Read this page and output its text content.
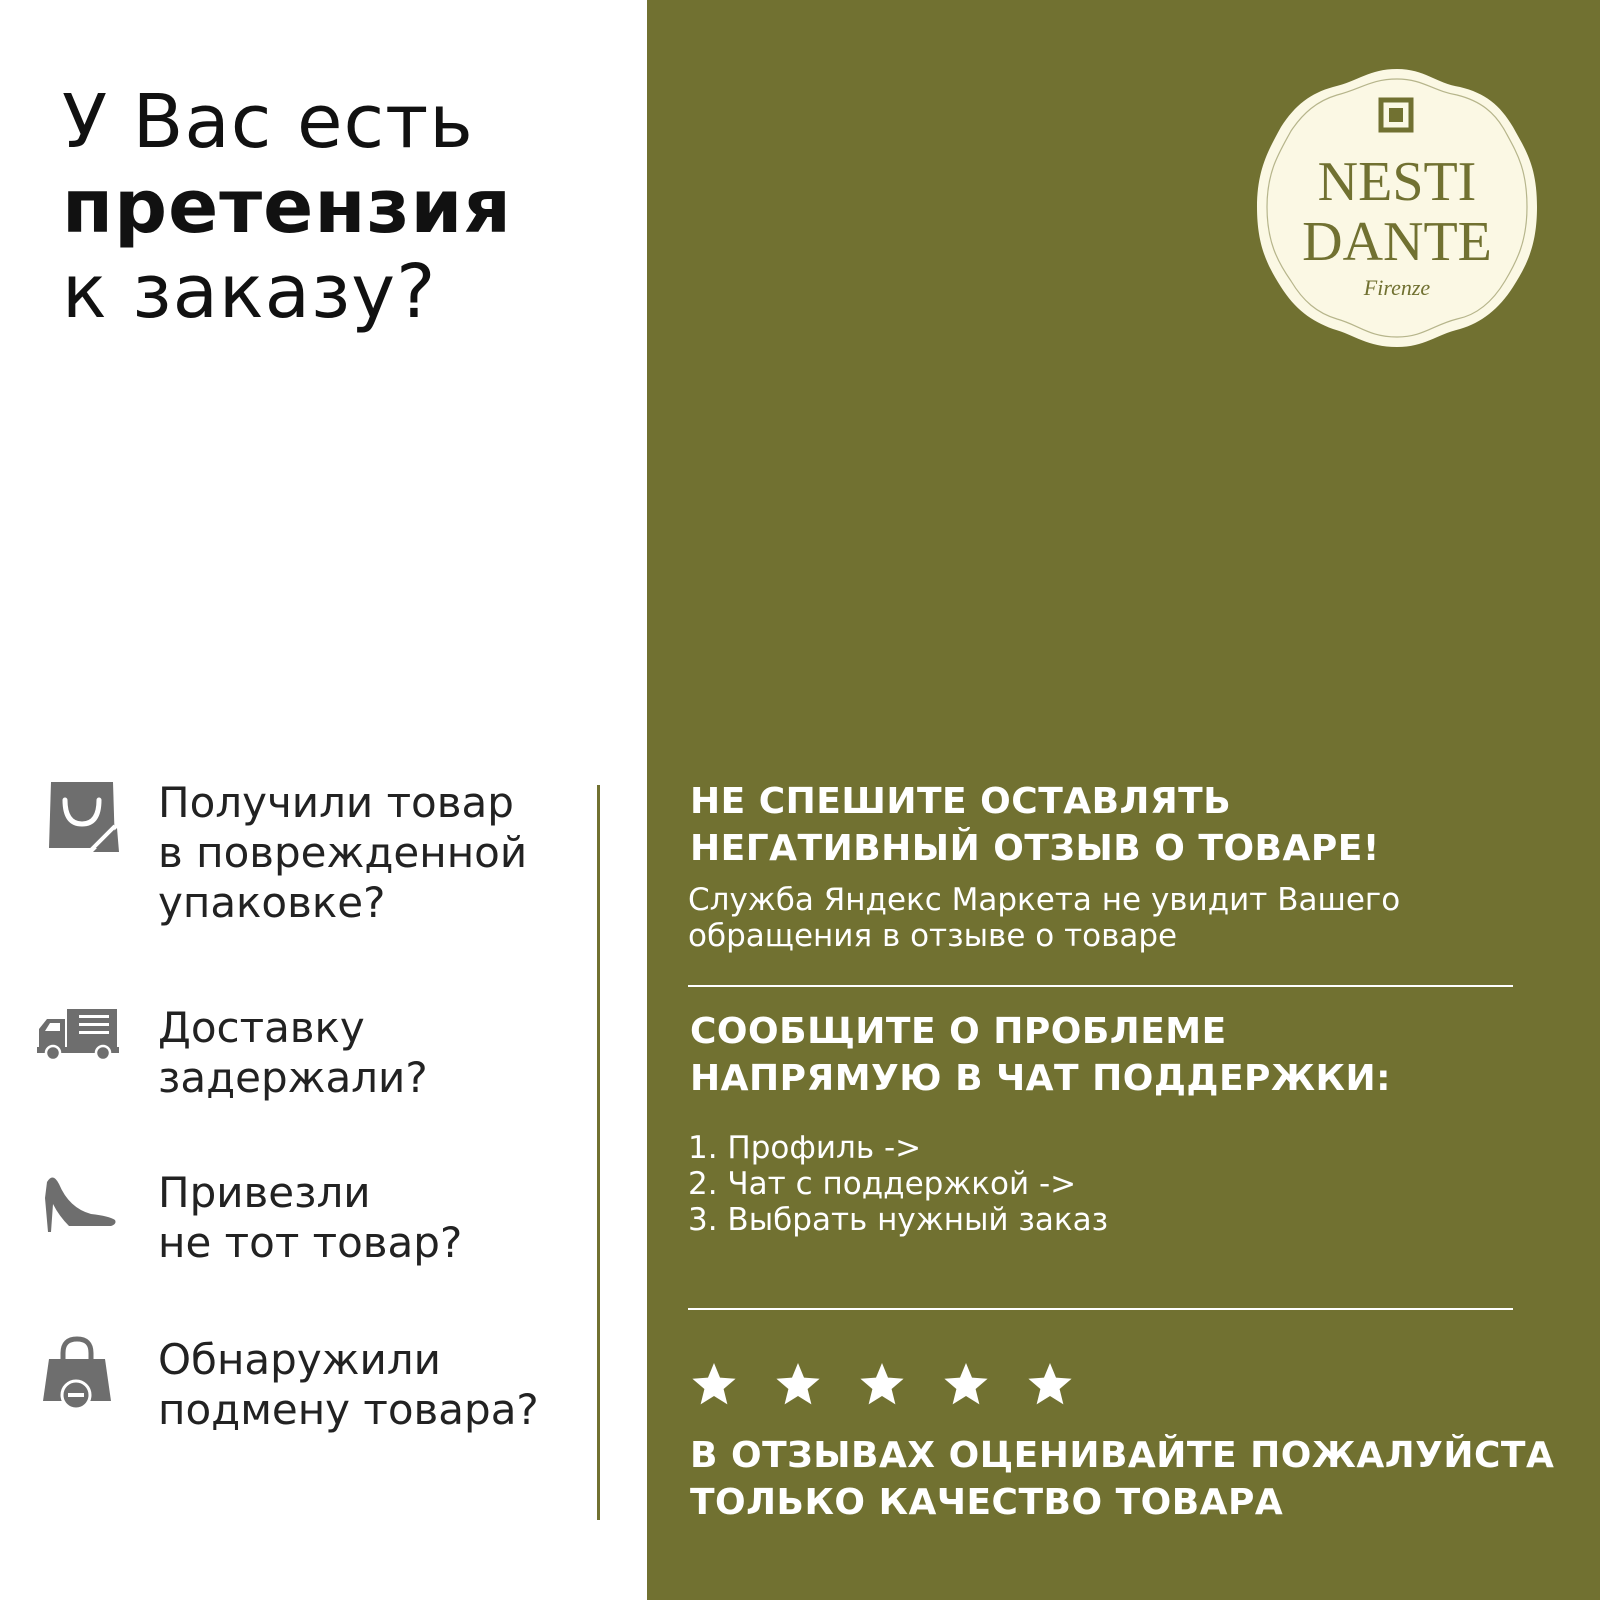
У Вас есть
претензия
к заказу?
Получили товар
в поврежденной
упаковке?
Доставку
задержали?
Привезли
не тот товар?
Обнаружили
подмену товара?
NESTI
DANTE
Firenze
НЕ СПЕШИТЕ ОСТАВЛЯТЬ
НЕГАТИВНЫЙ ОТЗЫВ О ТОВАРЕ!
Служба Яндекс Маркета не увидит Вашего
обращения в отзыве о товаре
СООБЩИТЕ О ПРОБЛЕМЕ
НАПРЯМУЮ В ЧАТ ПОДДЕРЖКИ:
1. Профиль ->
2. Чат с поддержкой ->
3. Выбрать нужный заказ
В ОТЗЫВАХ ОЦЕНИВАЙТЕ ПОЖАЛУЙСТА
ТОЛЬКО КАЧЕСТВО ТОВАРА
